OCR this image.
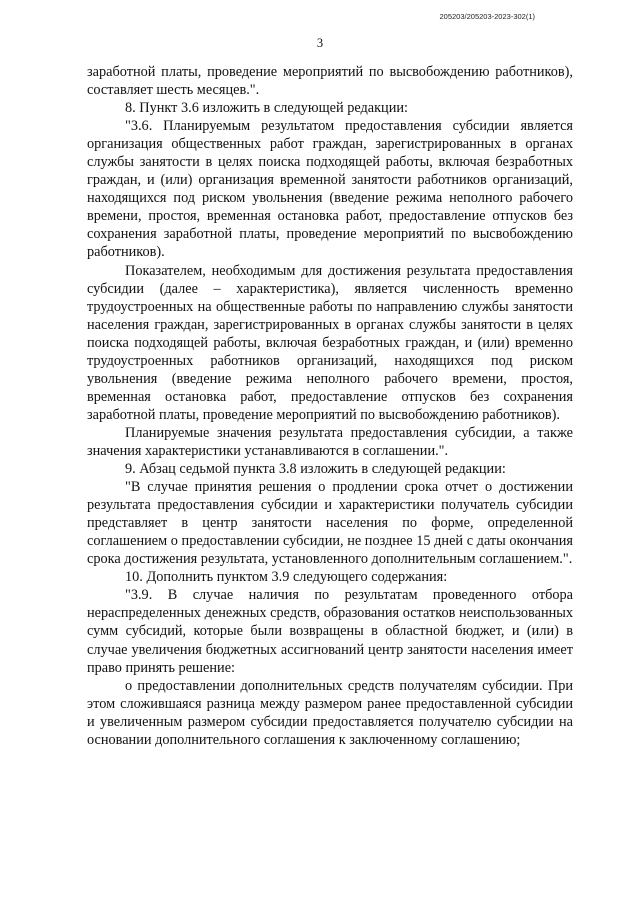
205203/205203-2023-302(1)
3

заработной платы, проведение мероприятий по высвобождению работников), составляет шесть месяцев.".

8. Пункт 3.6 изложить в следующей редакции:

"3.6. Планируемым результатом предоставления субсидии является организация общественных работ граждан, зарегистрированных в органах службы занятости в целях поиска подходящей работы, включая безработных граждан, и (или) организация временной занятости работников организаций, находящихся под риском увольнения (введение режима неполного рабочего времени, простоя, временная остановка работ, предоставление отпусков без сохранения заработной платы, проведение мероприятий по высвобождению работников).

Показателем, необходимым для достижения результата предоставления субсидии (далее – характеристика), является численность временно трудоустроенных на общественные работы по направлению службы занятости населения граждан, зарегистрированных в органах службы занятости в целях поиска подходящей работы, включая безработных граждан, и (или) временно трудоустроенных работников организаций, находящихся под риском увольнения (введение режима неполного рабочего времени, простоя, временная остановка работ, предоставление отпусков без сохранения заработной платы, проведение мероприятий по высвобождению работников).

Планируемые значения результата предоставления субсидии, а также значения характеристики устанавливаются в соглашении.".

9. Абзац седьмой пункта 3.8 изложить в следующей редакции:

"В случае принятия решения о продлении срока отчет о достижении результата предоставления субсидии и характеристики получатель субсидии представляет в центр занятости населения по форме, определенной соглашением о предоставлении субсидии, не позднее 15 дней с даты окончания срока достижения результата, установленного дополнительным соглашением.".

10. Дополнить пунктом 3.9 следующего содержания:

"3.9. В случае наличия по результатам проведенного отбора нераспределенных денежных средств, образования остатков неиспользованных сумм субсидий, которые были возвращены в областной бюджет, и (или) в случае увеличения бюджетных ассигнований центр занятости населения имеет право принять решение:

о предоставлении дополнительных средств получателям субсидии. При этом сложившаяся разница между размером ранее предоставленной субсидии и увеличенным размером субсидии предоставляется получателю субсидии на основании дополнительного соглашения к заключенному соглашению;
